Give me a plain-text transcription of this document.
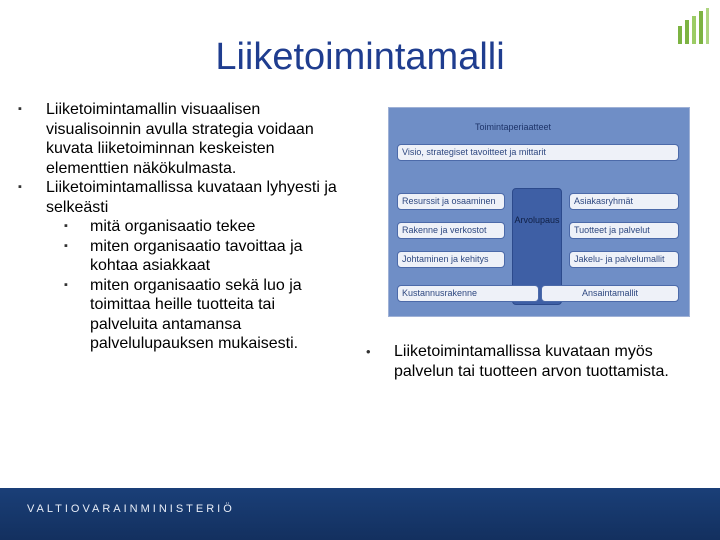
Liiketoimintamalli
▪ Liiketoimintamallin visuaalisen visualisoinnin avulla strategia voidaan kuvata liiketoiminnan keskeisten elementtien näkökulmasta.
▪ Liiketoimintamallissa kuvataan lyhyesti ja selkeästi
▪ mitä organisaatio tekee
▪ miten organisaatio tavoittaa ja kohtaa asiakkaat
▪ miten organisaatio sekä luo ja toimittaa heille tuotteita tai palveluita antamansa palvelulupauksen mukaisesti.
Toimintaperiaatteet
Visio, strategiset tavoitteet ja mittarit
Resurssit ja osaaminen
Rakenne ja verkostot
Johtaminen ja kehitys
Arvolupaus
Asiakasryhmät
Tuotteet ja palvelut
Jakelu- ja palvelumallit
Kustannusrakenne	Ansaintamallit
• Liiketoimintamallissa kuvataan myös palvelun tai tuotteen arvon tuottamista.
VALTIOVARAINMINISTERIÖ
